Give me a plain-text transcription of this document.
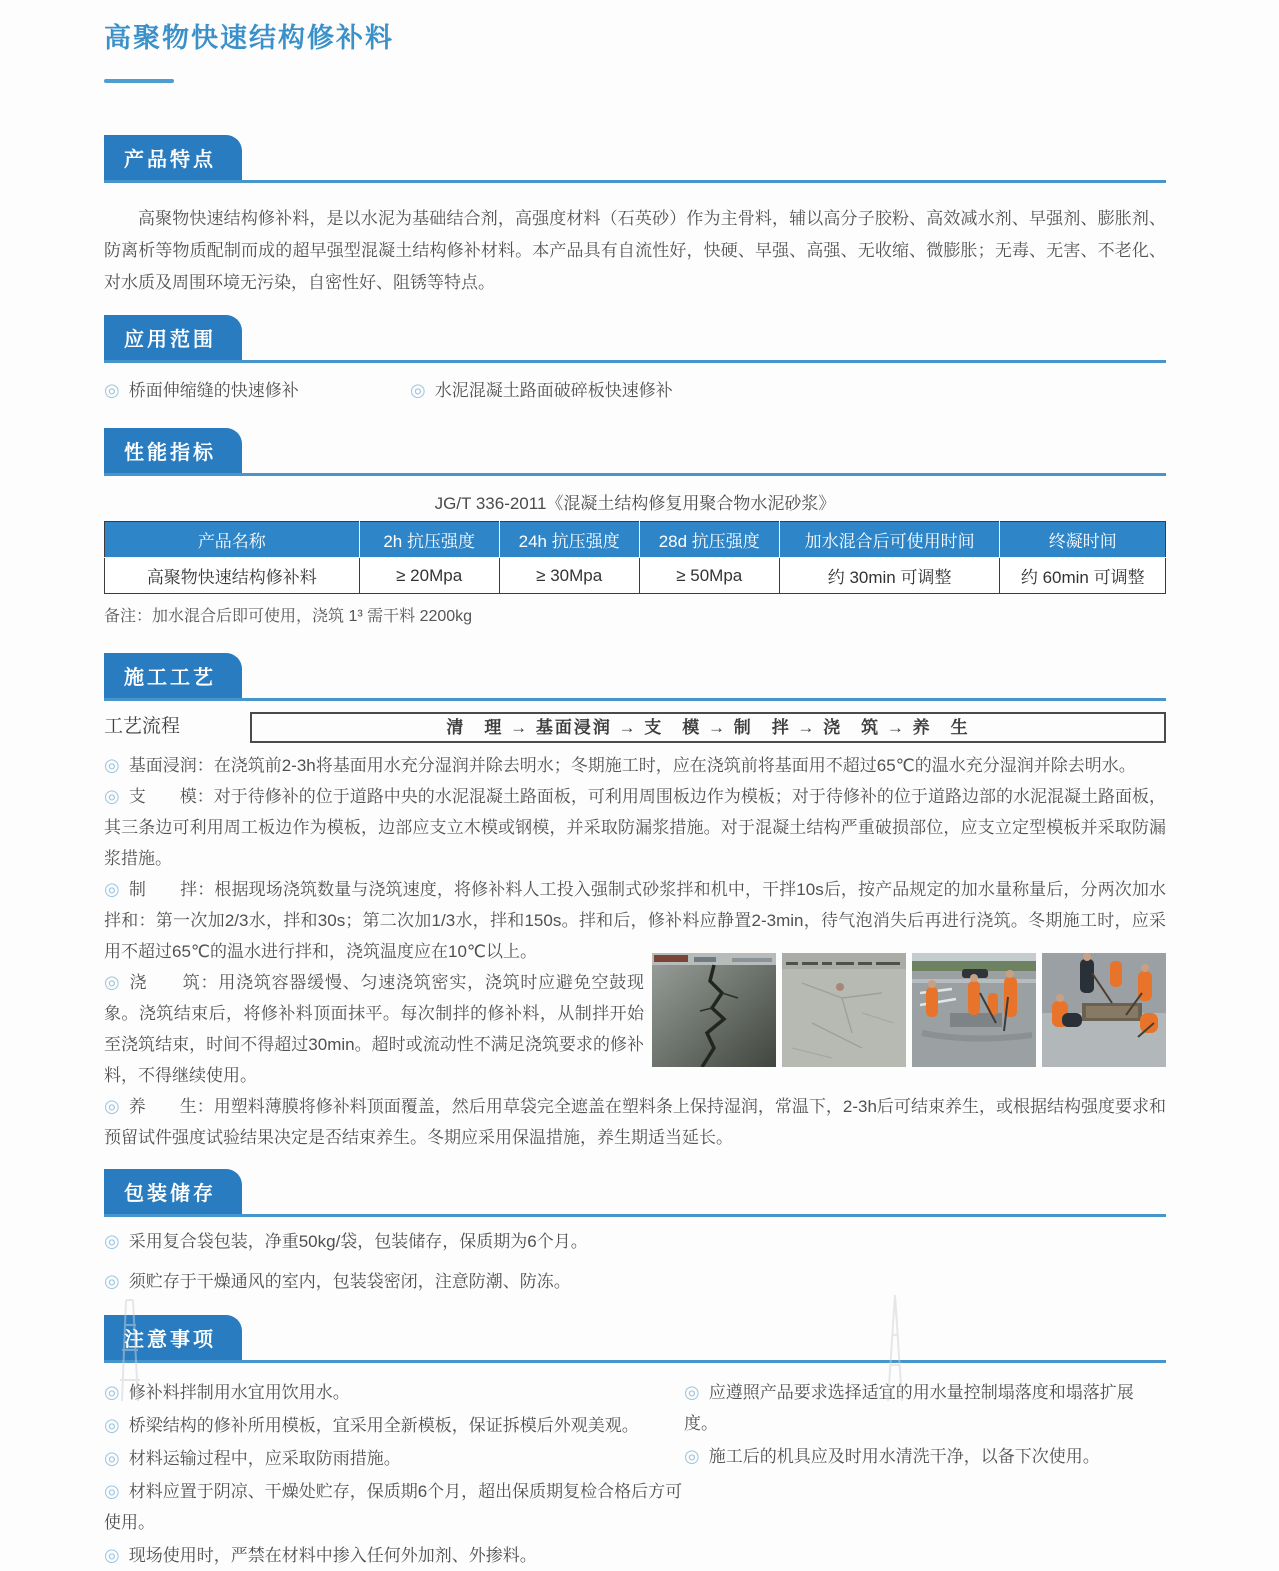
高聚物快速结构修补料
产品特点

高聚物快速结构修补料，是以水泥为基础结合剂，高强度材料（石英砂）作为主骨料，辅以高分子胶粉、高效减水剂、早强剂、膨胀剂、防离析等物质配制而成的超早强型混凝土结构修补材料。本产品具有自流性好，快硬、早强、高强、无收缩、微膨胀；无毒、无害、不老化、对水质及周围环境无污染，自密性好、阻锈等特点。

应用范围
◎ 桥面伸缩缝的快速修补	◎ 水泥混凝土路面破碎板快速修补
性能指标
JG/T 336-2011《混凝土结构修复用聚合物水泥砂浆》
产品名称	2h 抗压强度	24h 抗压强度	28d 抗压强度	加水混合后可使用时间	终凝时间
高聚物快速结构修补料	≥ 20Mpa	≥ 30Mpa	≥ 50Mpa	约 30min 可调整	约 60min 可调整
备注：加水混合后即可使用，浇筑 1³ 需干料 2200kg
施工工艺
工艺流程	清　理 → 基面浸润 → 支　模 → 制　拌 → 浇　筑 → 养　生

◎ 基面浸润：在浇筑前2-3h将基面用水充分湿润并除去明水；冬期施工时，应在浇筑前将基面用不超过65℃的温水充分湿润并除去明水。

◎ 支　　模：对于待修补的位于道路中央的水泥混凝土路面板，可利用周围板边作为模板；对于待修补的位于道路边部的水泥混凝土路面板，其三条边可利用周工板边作为模板，边部应支立木模或钢模，并采取防漏浆措施。对于混凝土结构严重破损部位，应支立定型模板并采取防漏浆措施。

◎ 制　　拌：根据现场浇筑数量与浇筑速度，将修补料人工投入强制式砂浆拌和机中，干拌10s后，按产品规定的加水量称量后，分两次加水拌和：第一次加2/3水，拌和30s；第二次加1/3水，拌和150s。拌和后，修补料应静置2-3min，待气泡消失后再进行浇筑。冬期施工时，应采用不超过65℃的温水进行拌和，浇筑温度应在10℃以上。

◎ 浇　　筑：用浇筑容器缓慢、匀速浇筑密实，浇筑时应避免空鼓现象。浇筑结束后，将修补料顶面抹平。每次制拌的修补料，从制拌开始至浇筑结束，时间不得超过30min。超时或流动性不满足浇筑要求的修补料，不得继续使用。

◎ 养　　生：用塑料薄膜将修补料顶面覆盖，然后用草袋完全遮盖在塑料条上保持湿润，常温下，2-3h后可结束养生，或根据结构强度要求和预留试件强度试验结果决定是否结束养生。冬期应采用保温措施，养生期适当延长。

包装储存
◎ 采用复合袋包装，净重50kg/袋，包装储存，保质期为6个月。
◎ 须贮存于干燥通风的室内，包装袋密闭，注意防潮、防冻。
注意事项
◎ 修补料拌制用水宜用饮用水。
◎ 桥梁结构的修补所用模板，宜采用全新模板，保证拆模后外观美观。
◎ 材料运输过程中，应采取防雨措施。
◎ 材料应置于阴凉、干燥处贮存，保质期6个月，超出保质期复检合格后方可使用。
◎ 现场使用时，严禁在材料中掺入任何外加剂、外掺料。
◎ 应遵照产品要求选择适宜的用水量控制塌落度和塌落扩展度。
◎ 施工后的机具应及时用水清洗干净，以备下次使用。
